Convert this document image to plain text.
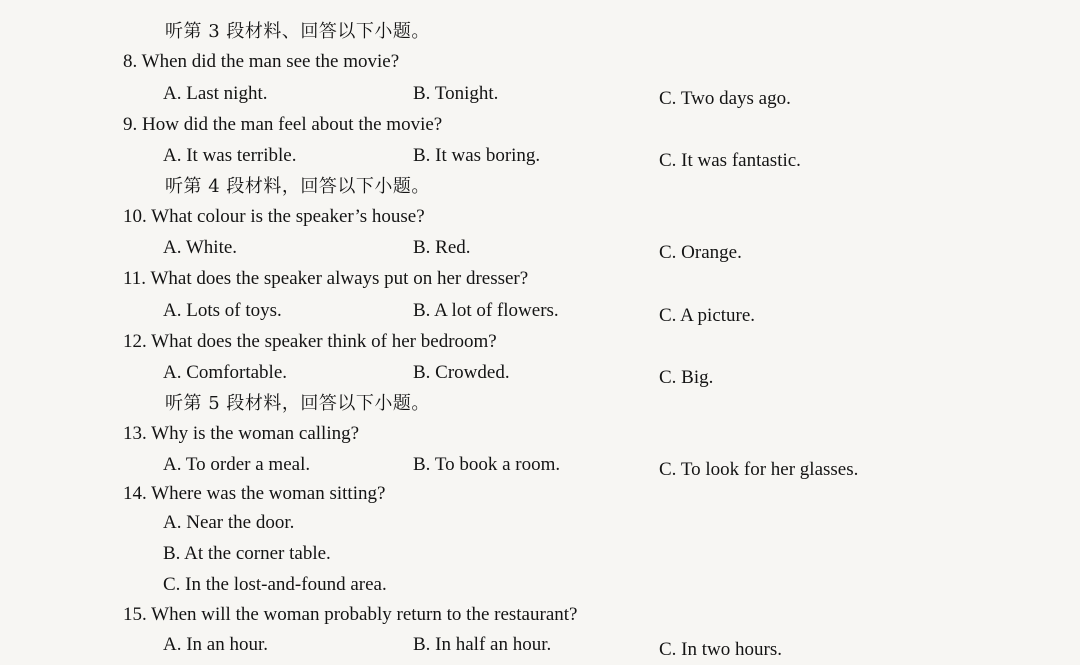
听第 3 段材料、回答以下小题。
8. When did the man see the movie?
A. Last night.	B. Tonight.	C. Two days ago.
9. How did the man feel about the movie?
A. It was terrible.	B. It was boring.	C. It was fantastic.
听第 4 段材料，回答以下小题。
10. What colour is the speaker’s house?
A. White.	B. Red.	C. Orange.
11. What does the speaker always put on her dresser?
A. Lots of toys.	B. A lot of flowers.	C. A picture.
12. What does the speaker think of her bedroom?
A. Comfortable.	B. Crowded.	C. Big.
听第 5 段材料，回答以下小题。
13. Why is the woman calling?
A. To order a meal.	B. To book a room.	C. To look for her glasses.
14. Where was the woman sitting?
A. Near the door.
B. At the corner table.
C. In the lost-and-found area.
15. When will the woman probably return to the restaurant?
A. In an hour.	B. In half an hour.	C. In two hours.
